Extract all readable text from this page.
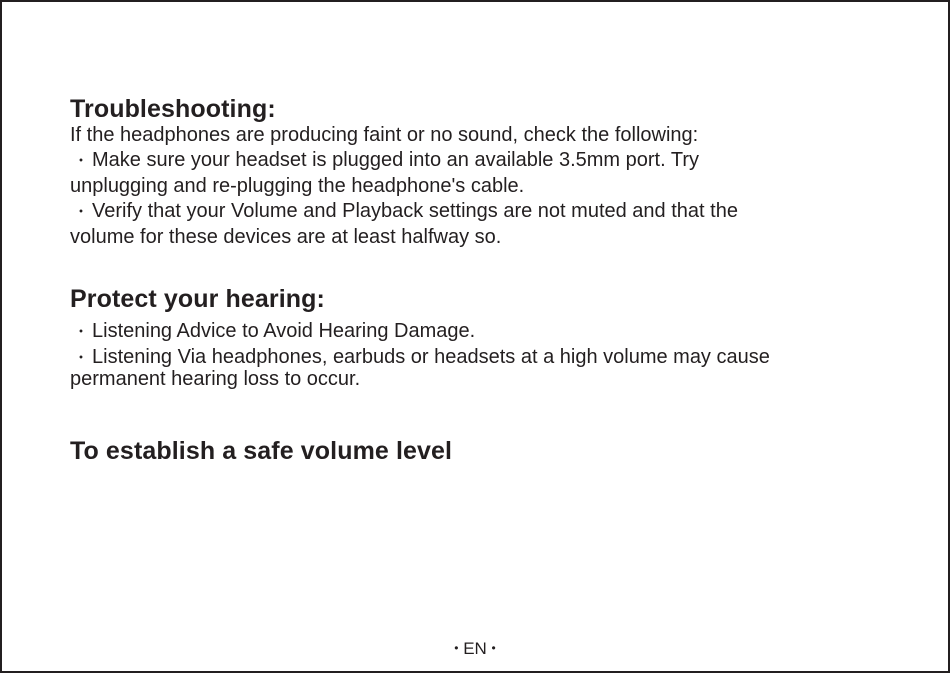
Troubleshooting:

If the headphones are producing faint or no sound, check the following:

・ Make sure your headset is plugged into an available 3.5mm port. Try

unplugging and re-plugging the headphone's cable.

・ Verify that your Volume and Playback settings are not muted and that the

volume for these devices are at least halfway so.

Protect your hearing:

・ Listening Advice to Avoid Hearing Damage.

・ Listening Via headphones, earbuds or headsets at a high volume may cause

permanent hearing loss to occur.

To establish a safe volume level
• EN •
